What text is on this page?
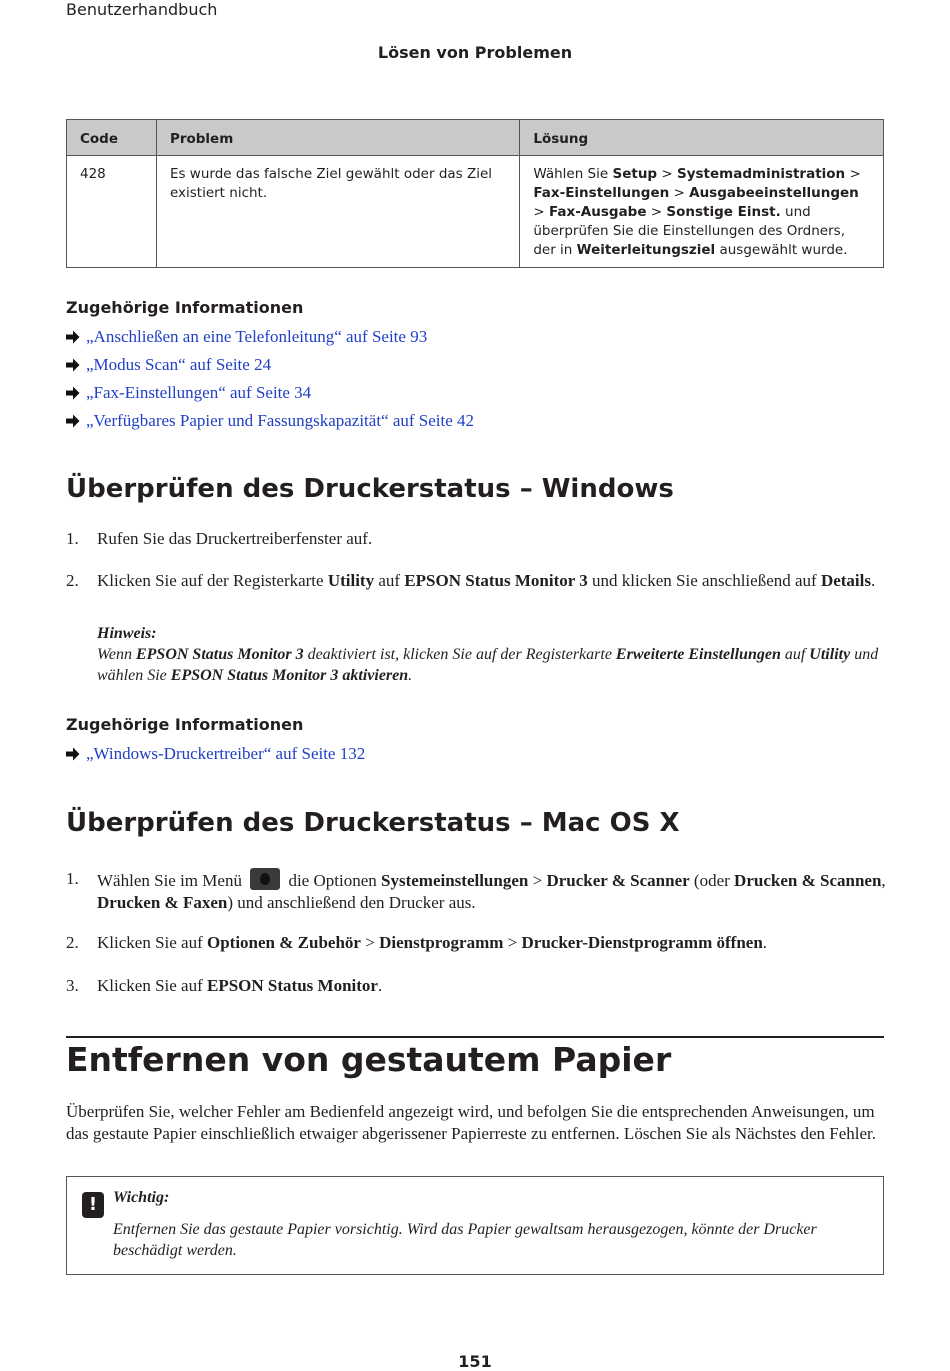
Benutzerhandbuch
Lösen von Problemen
Code	Problem	Lösung
428	Es wurde das falsche Ziel gewählt oder das Ziel existiert nicht.	Wählen Sie Setup > Systemadministration > Fax-Einstellungen > Ausgabeeinstellungen > Fax-Ausgabe > Sonstige Einst. und überprüfen Sie die Einstellungen des Ordners, der in Weiterleitungsziel ausgewählt wurde.
Zugehörige Informationen
„Anschließen an eine Telefonleitung“ auf Seite 93
„Modus Scan“ auf Seite 24
„Fax-Einstellungen“ auf Seite 34
„Verfügbares Papier und Fassungskapazität“ auf Seite 42
Überprüfen des Druckerstatus – Windows
1. Rufen Sie das Druckertreiberfenster auf.
2. Klicken Sie auf der Registerkarte Utility auf EPSON Status Monitor 3 und klicken Sie anschließend auf Details.
Hinweis:
Wenn EPSON Status Monitor 3 deaktiviert ist, klicken Sie auf der Registerkarte Erweiterte Einstellungen auf Utility und wählen Sie EPSON Status Monitor 3 aktivieren.
Zugehörige Informationen
„Windows-Druckertreiber“ auf Seite 132
Überprüfen des Druckerstatus – Mac OS X
1. Wählen Sie im Menü  die Optionen Systemeinstellungen > Drucker & Scanner (oder Drucken & Scannen, Drucken & Faxen) und anschließend den Drucker aus.
2. Klicken Sie auf Optionen & Zubehör > Dienstprogramm > Drucker-Dienstprogramm öffnen.
3. Klicken Sie auf EPSON Status Monitor.
Entfernen von gestautem Papier
Überprüfen Sie, welcher Fehler am Bedienfeld angezeigt wird, und befolgen Sie die entsprechenden Anweisungen, um das gestaute Papier einschließlich etwaiger abgerissener Papierreste zu entfernen. Löschen Sie als Nächstes den Fehler.
! Wichtig:
Entfernen Sie das gestaute Papier vorsichtig. Wird das Papier gewaltsam herausgezogen, könnte der Drucker beschädigt werden.
151
